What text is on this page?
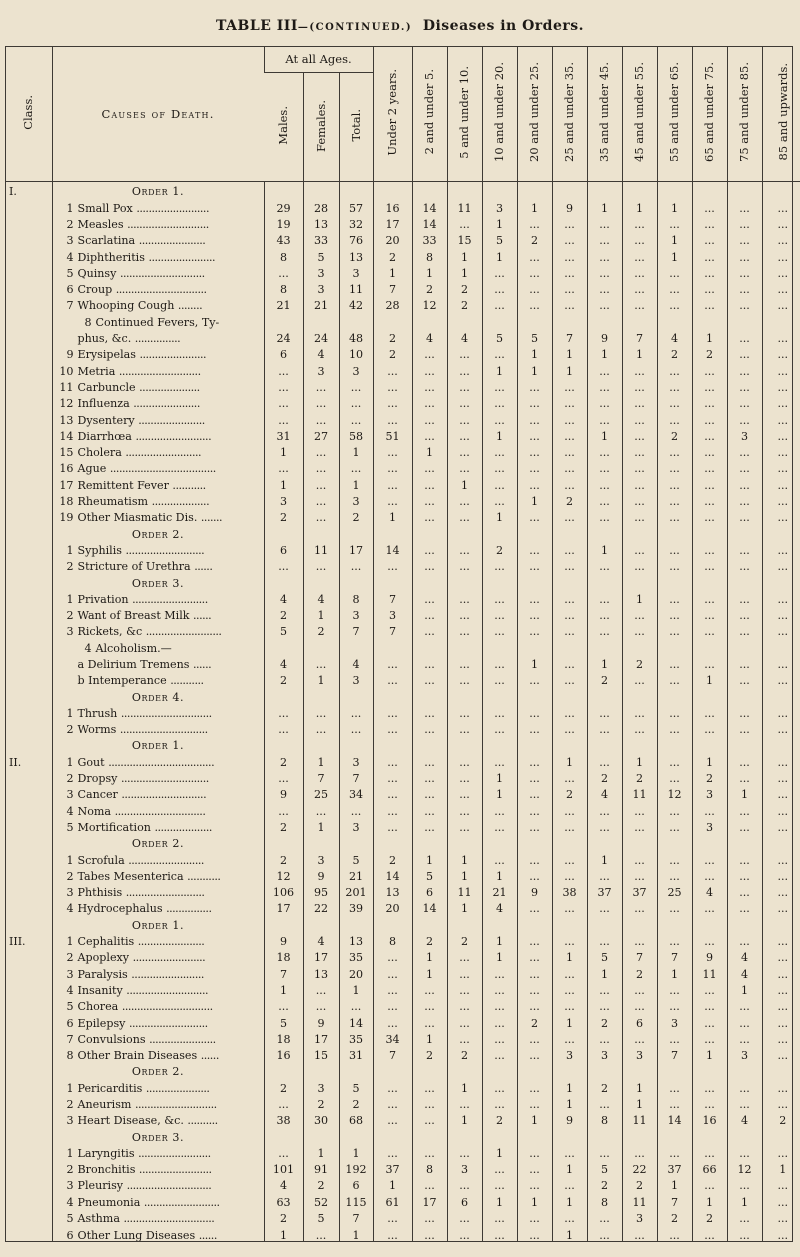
TABLE III—(CONTINUED.) Diseases in Orders.
Class.	Causes of Death.	At all Ages.			Under 2 years.	2 and under 5.	5 and under 10.	10 and under 20.	20 and under 25.	25 and under 35.	35 and under 45.	45 and under 55.	55 and under 65.	65 and under 75.	75 and under 85.	85 and upwards.
		Males.	Females.	Total.												
I.	Order 1.															
	1 Small Pox ........................	29	28	57	16	14	11	3	1	9	1	1	1	...	...	...
	2 Measles ...........................	19	13	32	17	14	...	1	...	...	...	...	...	...	...	...
	3 Scarlatina ......................	43	33	76	20	33	15	5	2	...	...	...	1	...	...	...
	4 Diphtheritis ......................	8	5	13	2	8	1	1	...	...	...	...	1	...	...	...
	5 Quinsy ............................	...	3	3	1	1	1	...	...	...	...	...	...	...	...	...
	6 Croup ..............................	8	3	11	7	2	2	...	...	...	...	...	...	...	...	...
	7 Whooping Cough ........	21	21	42	28	12	2	...	...	...	...	...	...	...	...	...
	8 Continued Fevers, Ty-															
	phus, &c. ...............	24	24	48	2	4	4	5	5	7	9	7	4	1	...	...
	9 Erysipelas ......................	6	4	10	2	...	...	...	1	1	1	1	2	2	...	...
	10 Metria ...........................	...	3	3	...	...	...	1	1	1	...	...	...	...	...	...
	11 Carbuncle ....................	...	...	...	...	...	...	...	...	...	...	...	...	...	...	...
	12 Influenza ......................	...	...	...	...	...	...	...	...	...	...	...	...	...	...	...
	13 Dysentery ......................	...	...	...	...	...	...	...	...	...	...	...	...	...	...	...
	14 Diarrhœa .........................	31	27	58	51	...	...	1	...	...	1	...	2	...	3	...
	15 Cholera .........................	1	...	1	...	1	...	...	...	...	...	...	...	...	...	...
	16 Ague ...................................	...	...	...	...	...	...	...	...	...	...	...	...	...	...	...
	17 Remittent Fever ...........	1	...	1	...	...	1	...	...	...	...	...	...	...	...	...
	18 Rheumatism ...................	3	...	3	...	...	...	...	1	2	...	...	...	...	...	...
	19 Other Miasmatic Dis. .......	2	...	2	1	...	...	1	...	...	...	...	...	...	...	...
	Order 2.															
	1 Syphilis ..........................	6	11	17	14	...	...	2	...	...	1	...	...	...	...	...
	2 Stricture of Urethra ......	...	...	...	...	...	...	...	...	...	...	...	...	...	...	...
	Order 3.															
	1 Privation .........................	4	4	8	7	...	...	...	...	...	...	1	...	...	...	...
	2 Want of Breast Milk ......	2	1	3	3	...	...	...	...	...	...	...	...	...	...	...
	3 Rickets, &c .........................	5	2	7	7	...	...	...	...	...	...	...	...	...	...	...
	4 Alcoholism.—															
	a Delirium Tremens ......	4	...	4	...	...	...	...	1	...	1	2	...	...	...	...
	b Intemperance ...........	2	1	3	...	...	...	...	...	...	2	...	...	1	...	...
	Order 4.															
	1 Thrush ..............................	...	...	...	...	...	...	...	...	...	...	...	...	...	...	...
	2 Worms .............................	...	...	...	...	...	...	...	...	...	...	...	...	...	...	...
	Order 1.															
II.	1 Gout ...................................	2	1	3	...	...	...	...	...	1	...	1	...	1	...	...
	2 Dropsy .............................	...	7	7	...	...	...	1	...	...	2	2	...	2	...	...
	3 Cancer ............................	9	25	34	...	...	...	1	...	2	4	11	12	3	1	...
	4 Noma ..............................	...	...	...	...	...	...	...	...	...	...	...	...	...	...	...
	5 Mortification ...................	2	1	3	...	...	...	...	...	...	...	...	...	3	...	...
	Order 2.															
	1 Scrofula .........................	2	3	5	2	1	1	...	...	...	1	...	...	...	...	...
	2 Tabes Mesenterica ...........	12	9	21	14	5	1	1	...	...	...	...	...	...	...	...
	3 Phthisis ..........................	106	95	201	13	6	11	21	9	38	37	37	25	4	...	...
	4 Hydrocephalus ...............	17	22	39	20	14	1	4	...	...	...	...	...	...	...	...
	Order 1.															
III.	1 Cephalitis ......................	9	4	13	8	2	2	1	...	...	...	...	...	...	...	...
	2 Apoplexy ........................	18	17	35	...	1	...	1	...	1	5	7	7	9	4	...
	3 Paralysis ........................	7	13	20	...	1	...	...	...	...	1	2	1	11	4	...
	4 Insanity ...........................	1	...	1	...	...	...	...	...	...	...	...	...	...	1	...
	5 Chorea ..............................	...	...	...	...	...	...	...	...	...	...	...	...	...	...	...
	6 Epilepsy ..........................	5	9	14	...	...	...	...	2	1	2	6	3	...	...	...
	7 Convulsions ......................	18	17	35	34	1	...	...	...	...	...	...	...	...	...	...
	8 Other Brain Diseases ......	16	15	31	7	2	2	...	...	3	3	3	7	1	3	...
	Order 2.															
	1 Pericarditis .....................	2	3	5	...	...	1	...	...	1	2	1	...	...	...	...
	2 Aneurism ...........................	...	2	2	...	...	...	...	...	1	...	1	...	...	...	...
	3 Heart Disease, &c. ..........	38	30	68	...	...	1	2	1	9	8	11	14	16	4	2
	Order 3.															
	1 Laryngitis ........................	...	1	1	...	...	...	1	...	...	...	...	...	...	...	...
	2 Bronchitis ........................	101	91	192	37	8	3	...	...	1	5	22	37	66	12	1
	3 Pleurisy ............................	4	2	6	1	...	...	...	...	...	2	2	1	...	...	...
	4 Pneumonia .........................	63	52	115	61	17	6	1	1	1	8	11	7	1	1	...
	5 Asthma ..............................	2	5	7	...	...	...	...	...	...	...	3	2	2	...	...
	6 Other Lung Diseases ......	1	...	1	...	...	...	...	...	1	...	...	...	...	...	...
